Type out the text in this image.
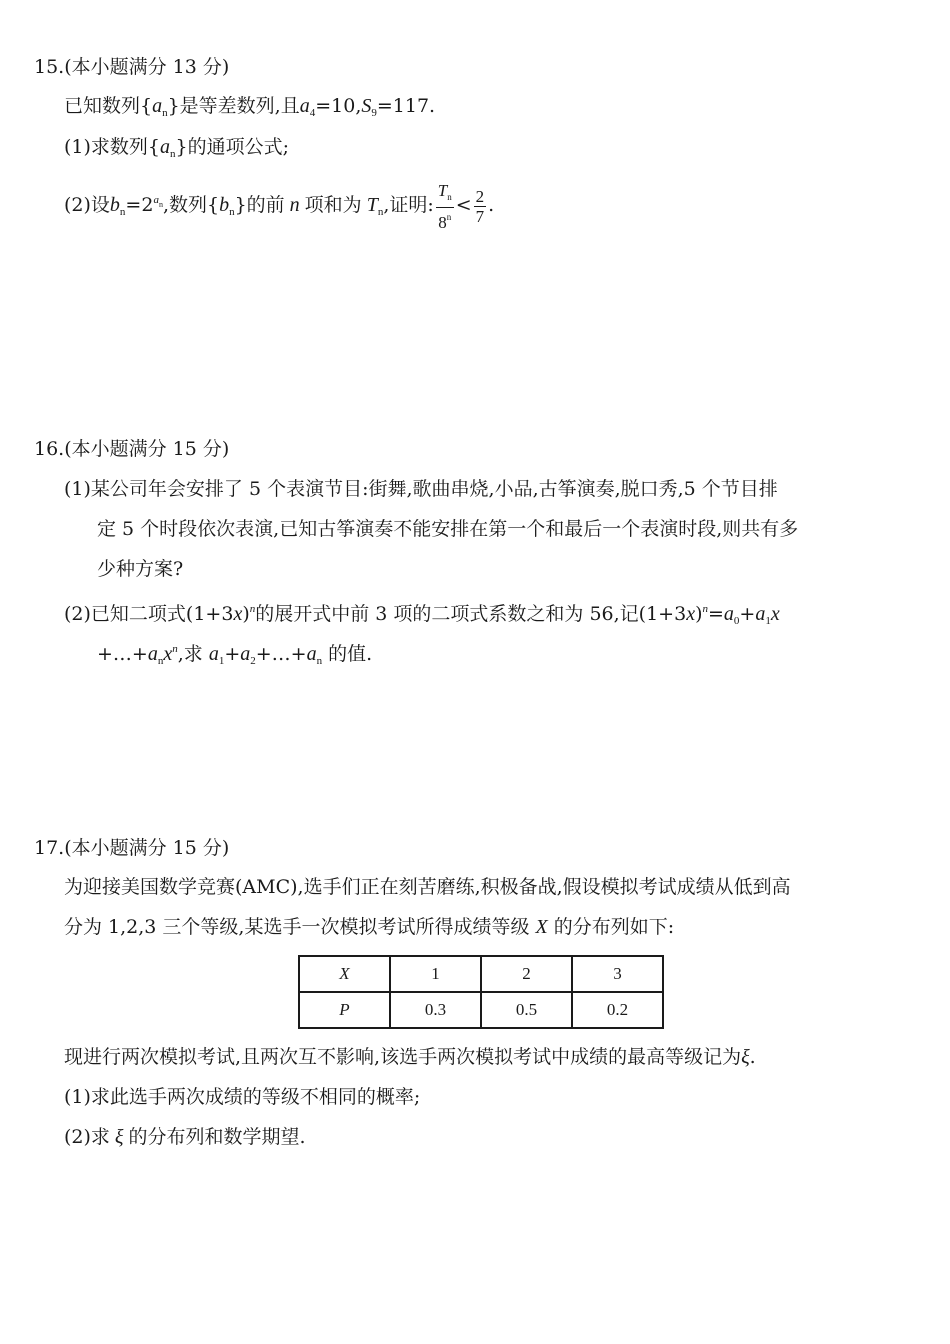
15.(本小题满分 13 分)
已知数列$\{a_n\}$是等差数列,且$a_4=10,S_9=117$.
(1)求数列$\{a_n\}$的通项公式;
(2)设$b_n=2^{a_n}$,数列$\{b_n\}$的前 n 项和为 $T_n$,证明: $\frac{T_n}{8^n} < \frac{2}{7}$ .
16.(本小题满分 15 分)
(1)某公司年会安排了 5 个表演节目:街舞,歌曲串烧,小品,古筝演奏,脱口秀,5 个节目排
定 5 个时段依次表演,已知古筝演奏不能安排在第一个和最后一个表演时段,则共有多
少种方案?
(2)已知二项式$(1+3x)^n$的展开式中前 3 项的二项式系数之和为 56,记$(1+3x)^n=a_0+a_1x$
$+\dots+a_nx^n$,求 $a_1+a_2+\dots+a_n$ 的值.
17.(本小题满分 15 分)
为迎接美国数学竞赛(AMC),选手们正在刻苦磨练,积极备战,假设模拟考试成绩从低到高
分为 1,2,3 三个等级,某选手一次模拟考试所得成绩等级 X 的分布列如下:
X	1	2	3
P	0.3	0.5	0.2
现进行两次模拟考试,且两次互不影响,该选手两次模拟考试中成绩的最高等级记为ξ.
(1)求此选手两次成绩的等级不相同的概率;
(2)求 ξ 的分布列和数学期望.
